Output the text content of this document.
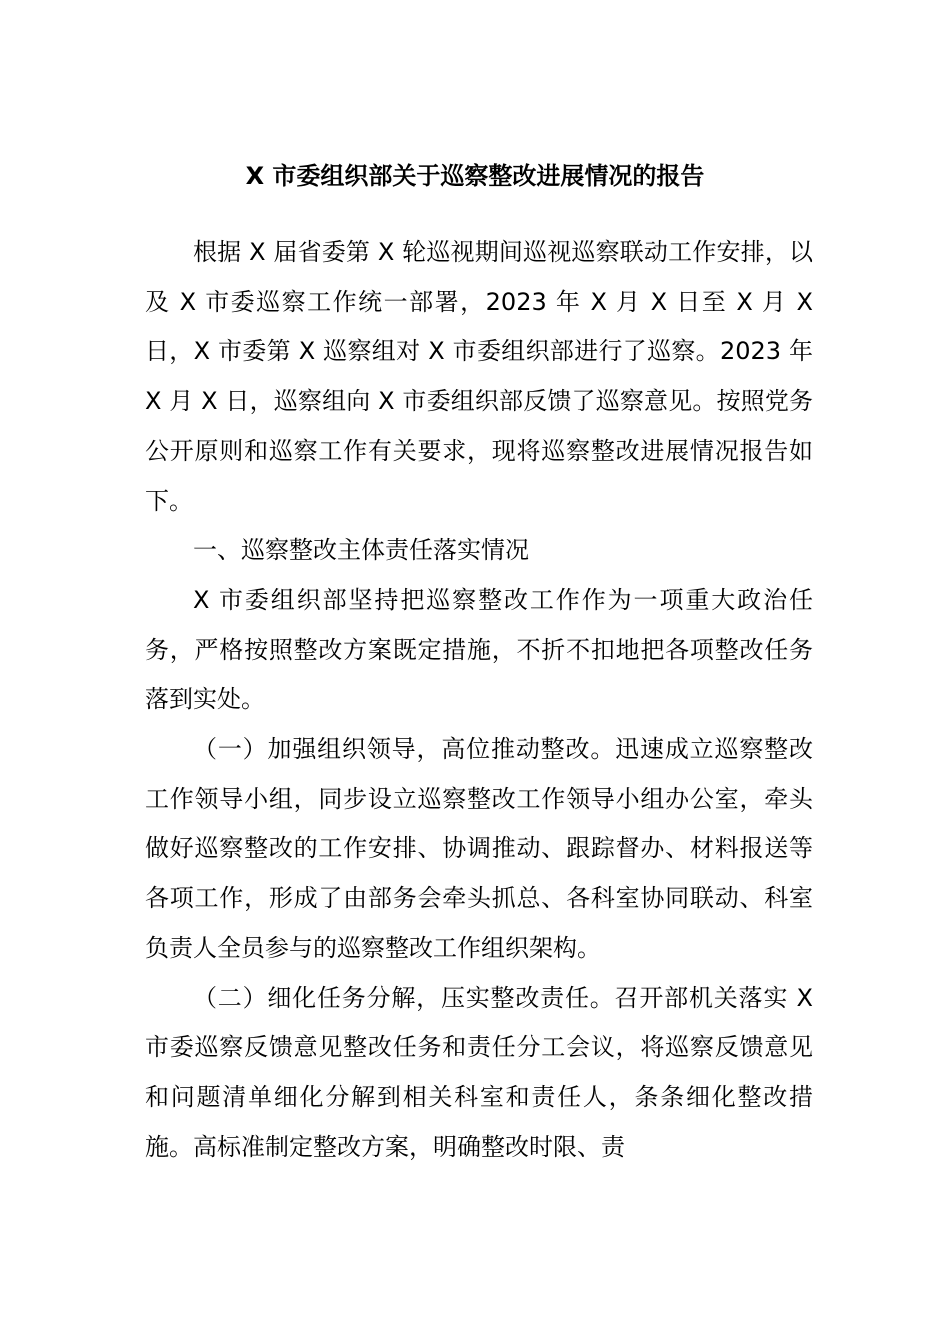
X 市委组织部关于巡察整改进展情况的报告

根据 X 届省委第 X 轮巡视期间巡视巡察联动工作安排，以及 X 市委巡察工作统一部署，2023 年 X 月 X 日至 X 月 X 日，X 市委第 X 巡察组对 X 市委组织部进行了巡察。2023 年 X 月 X 日，巡察组向 X 市委组织部反馈了巡察意见。按照党务公开原则和巡察工作有关要求，现将巡察整改进展情况报告如下。

一、巡察整改主体责任落实情况

X 市委组织部坚持把巡察整改工作作为一项重大政治任务，严格按照整改方案既定措施，不折不扣地把各项整改任务落到实处。

（一）加强组织领导，高位推动整改。迅速成立巡察整改工作领导小组，同步设立巡察整改工作领导小组办公室，牵头做好巡察整改的工作安排、协调推动、跟踪督办、材料报送等各项工作，形成了由部务会牵头抓总、各科室协同联动、科室负责人全员参与的巡察整改工作组织架构。

（二）细化任务分解，压实整改责任。召开部机关落实 X 市委巡察反馈意见整改任务和责任分工会议，将巡察反馈意见和问题清单细化分解到相关科室和责任人，条条细化整改措施。高标准制定整改方案，明确整改时限、责
